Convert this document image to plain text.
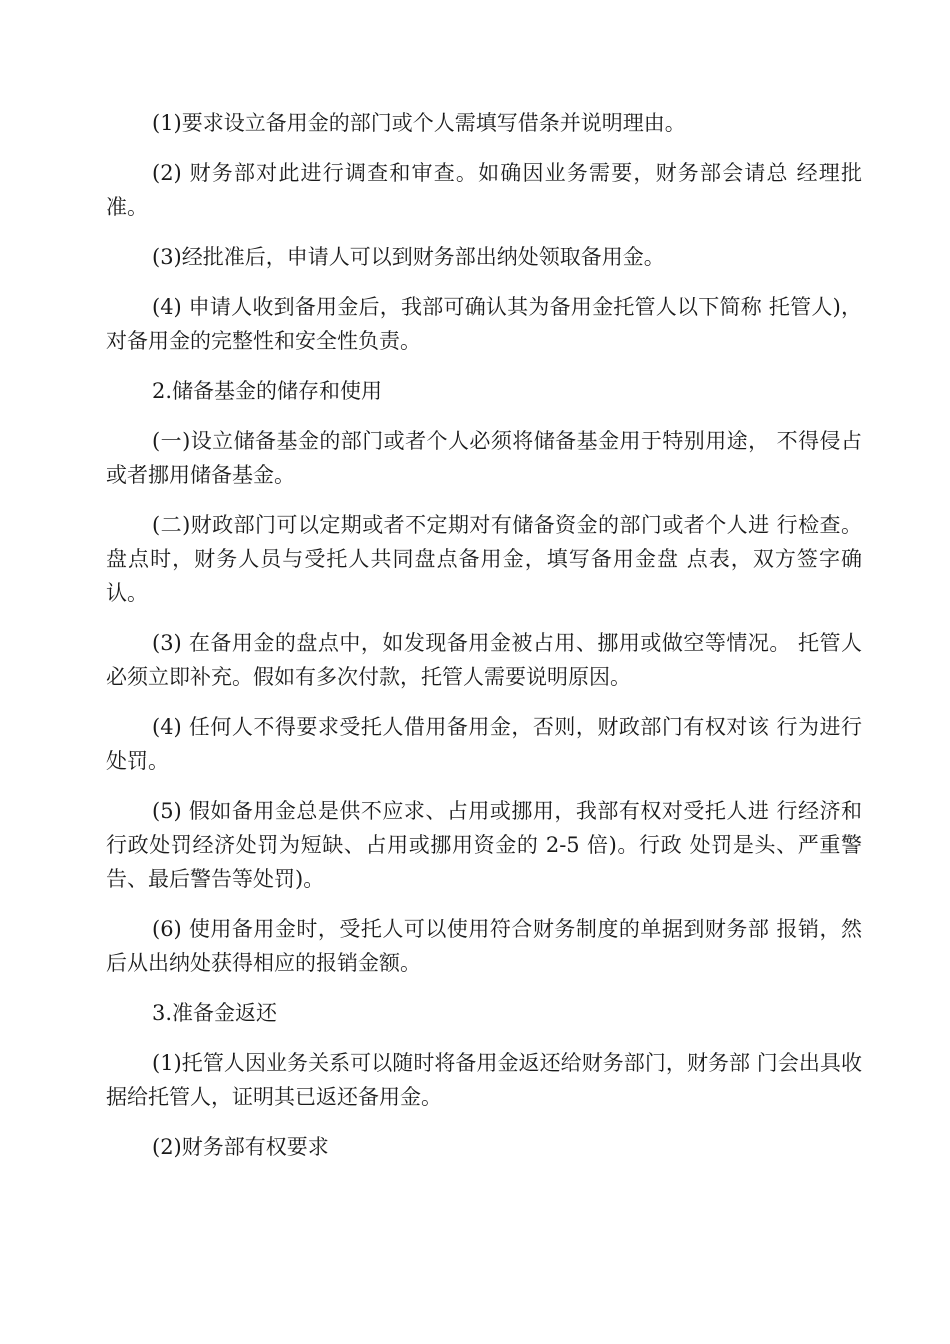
(1)要求设立备用金的部门或个人需填写借条并说明理由。

(2) 财务部对此进行调查和审查。如确因业务需要，财务部会请总 经理批准。

(3)经批准后，申请人可以到财务部出纳处领取备用金。

(4) 申请人收到备用金后，我部可确认其为备用金托管人以下简称 托管人)，对备用金的完整性和安全性负责。

2.储备基金的储存和使用

(一)设立储备基金的部门或者个人必须将储备基金用于特别用途， 不得侵占或者挪用储备基金。

(二)财政部门可以定期或者不定期对有储备资金的部门或者个人进 行检查。盘点时，财务人员与受托人共同盘点备用金，填写备用金盘 点表，双方签字确认。

(3) 在备用金的盘点中，如发现备用金被占用、挪用或做空等情况。 托管人必须立即补充。假如有多次付款，托管人需要说明原因。

(4) 任何人不得要求受托人借用备用金，否则，财政部门有权对该 行为进行处罚。

(5) 假如备用金总是供不应求、占用或挪用，我部有权对受托人进 行经济和行政处罚经济处罚为短缺、占用或挪用资金的 2-5 倍)。行政 处罚是头、严重警告、最后警告等处罚)。

(6) 使用备用金时，受托人可以使用符合财务制度的单据到财务部 报销，然后从出纳处获得相应的报销金额。

3.准备金返还

(1)托管人因业务关系可以随时将备用金返还给财务部门，财务部 门会出具收据给托管人，证明其已返还备用金。

(2)财务部有权要求
